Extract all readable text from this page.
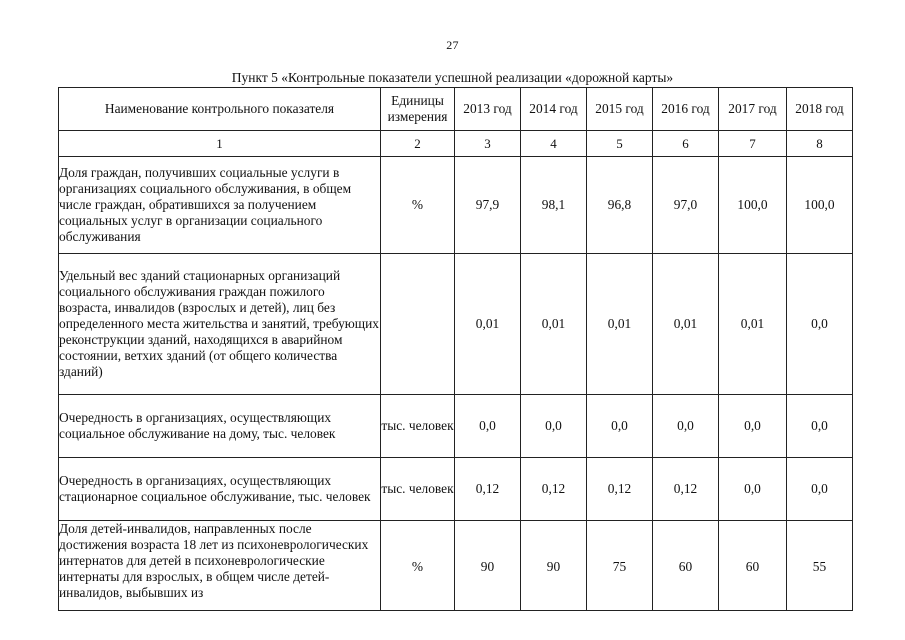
27
Пункт 5 «Контрольные показатели успешной реализации «дорожной карты»
Наименование контрольного показателя	Единицы измерения	2013 год	2014 год	2015 год	2016 год	2017 год	2018 год
1	2	3	4	5	6	7	8
Доля граждан, получивших социальные услуги в организациях социального обслуживания, в общем числе граждан, обратившихся за получением социальных услуг в организации социального обслуживания	%	97,9	98,1	96,8	97,0	100,0	100,0
Удельный вес зданий стационарных организаций социального обслуживания граждан пожилого возраста, инвалидов (взрослых и детей), лиц без определенного места жительства и занятий, требующих реконструкции зданий, находящихся в аварийном состоянии, ветхих зданий (от общего количества зданий)		0,01	0,01	0,01	0,01	0,01	0,0
Очередность в организациях, осуществляющих социальное обслуживание на дому, тыс. человек	тыс. человек	0,0	0,0	0,0	0,0	0,0	0,0
Очередность в организациях, осуществляющих стационарное социальное обслуживание, тыс. человек	тыс. человек	0,12	0,12	0,12	0,12	0,0	0,0

Доля детей-инвалидов, направленных после достижения возраста 18 лет из психоневрологических интернатов для детей в психоневрологические интернаты для взрослых, в общем числе детей-инвалидов, выбывших из	%	90	90	75	60	60	55
